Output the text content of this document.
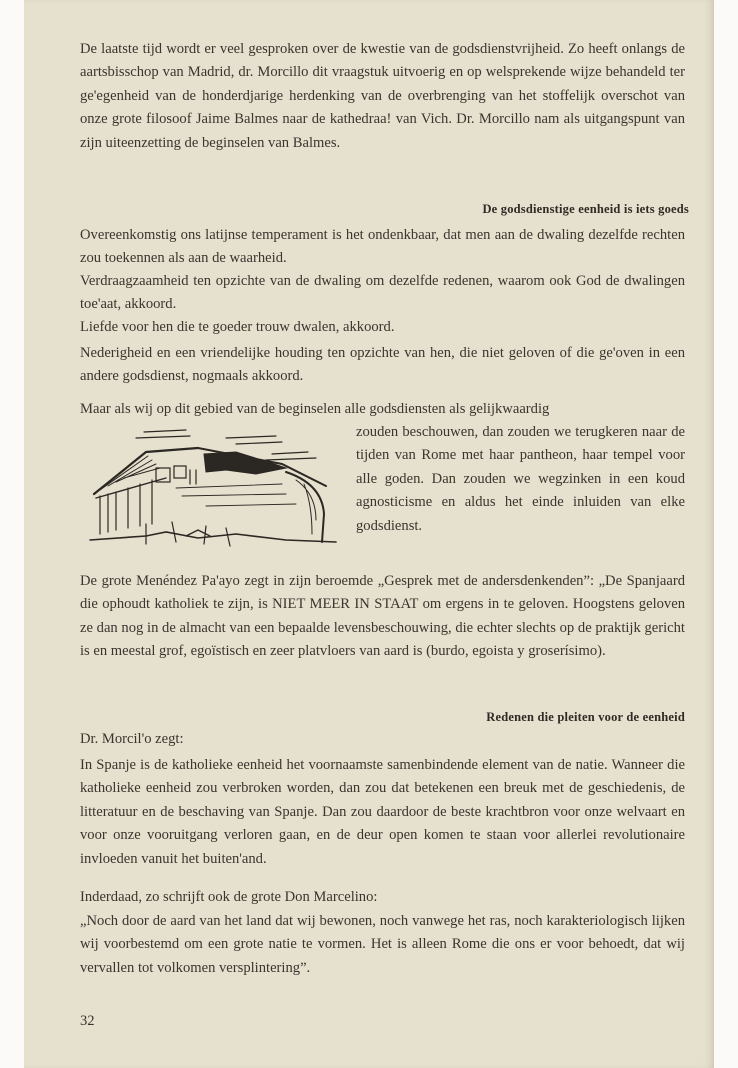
De laatste tijd wordt er veel gesproken over de kwestie van de godsdienstvrijheid. Zo heeft onlangs de aartsbisschop van Madrid, dr. Morcillo dit vraagstuk uitvoerig en op welsprekende wijze behandeld ter ge'egenheid van de honderdjarige herdenking van de overbrenging van het stoffelijk overschot van onze grote filosoof Jaime Balmes naar de kathedraa! van Vich. Dr. Morcillo nam als uitgangspunt van zijn uiteenzetting de beginselen van Balmes.

De godsdienstige eenheid is iets goeds

Overeenkomstig ons latijnse temperament is het ondenkbaar, dat men aan de dwaling dezelfde rechten zou toekennen als aan de waarheid.

Verdraagzaamheid ten opzichte van de dwaling om dezelfde redenen, waarom ook God de dwalingen toe'aat, akkoord.

Liefde voor hen die te goeder trouw dwalen, akkoord.

Nederigheid en een vriendelijke houding ten opzichte van hen, die niet geloven of die ge'oven in een andere godsdienst, nogmaals akkoord.

Maar als wij op dit gebied van de beginselen alle godsdiensten als gelijkwaardig

zouden beschouwen, dan zouden we terugkeren naar de tijden van Rome met haar pantheon, haar tempel voor alle goden. Dan zouden we wegzinken in een koud agnosticisme en aldus het einde inluiden van elke godsdienst.

De grote Menéndez Pa'ayo zegt in zijn beroemde „Gesprek met de andersdenkenden”: „De Spanjaard die ophoudt katholiek te zijn, is NIET MEER IN STAAT om ergens in te geloven. Hoogstens geloven ze dan nog in de almacht van een bepaalde levensbeschouwing, die echter slechts op de praktijk gericht is en meestal grof, egoïstisch en zeer platvloers van aard is (burdo, egoista y groserísimo).

Redenen die pleiten voor de eenheid

Dr. Morcil'o zegt:

In Spanje is de katholieke eenheid het voornaamste samenbindende element van de natie. Wanneer die katholieke eenheid zou verbroken worden, dan zou dat betekenen een breuk met de geschiedenis, de litteratuur en de beschaving van Spanje. Dan zou daardoor de beste krachtbron voor onze welvaart en voor onze vooruitgang verloren gaan, en de deur open komen te staan voor allerlei revolutionaire invloeden vanuit het buiten'and.

Inderdaad, zo schrijft ook de grote Don Marcelino:

„Noch door de aard van het land dat wij bewonen, noch vanwege het ras, noch karakteriologisch lijken wij voorbestemd om een grote natie te vormen. Het is alleen Rome die ons er voor behoedt, dat wij vervallen tot volkomen versplintering”.

32
